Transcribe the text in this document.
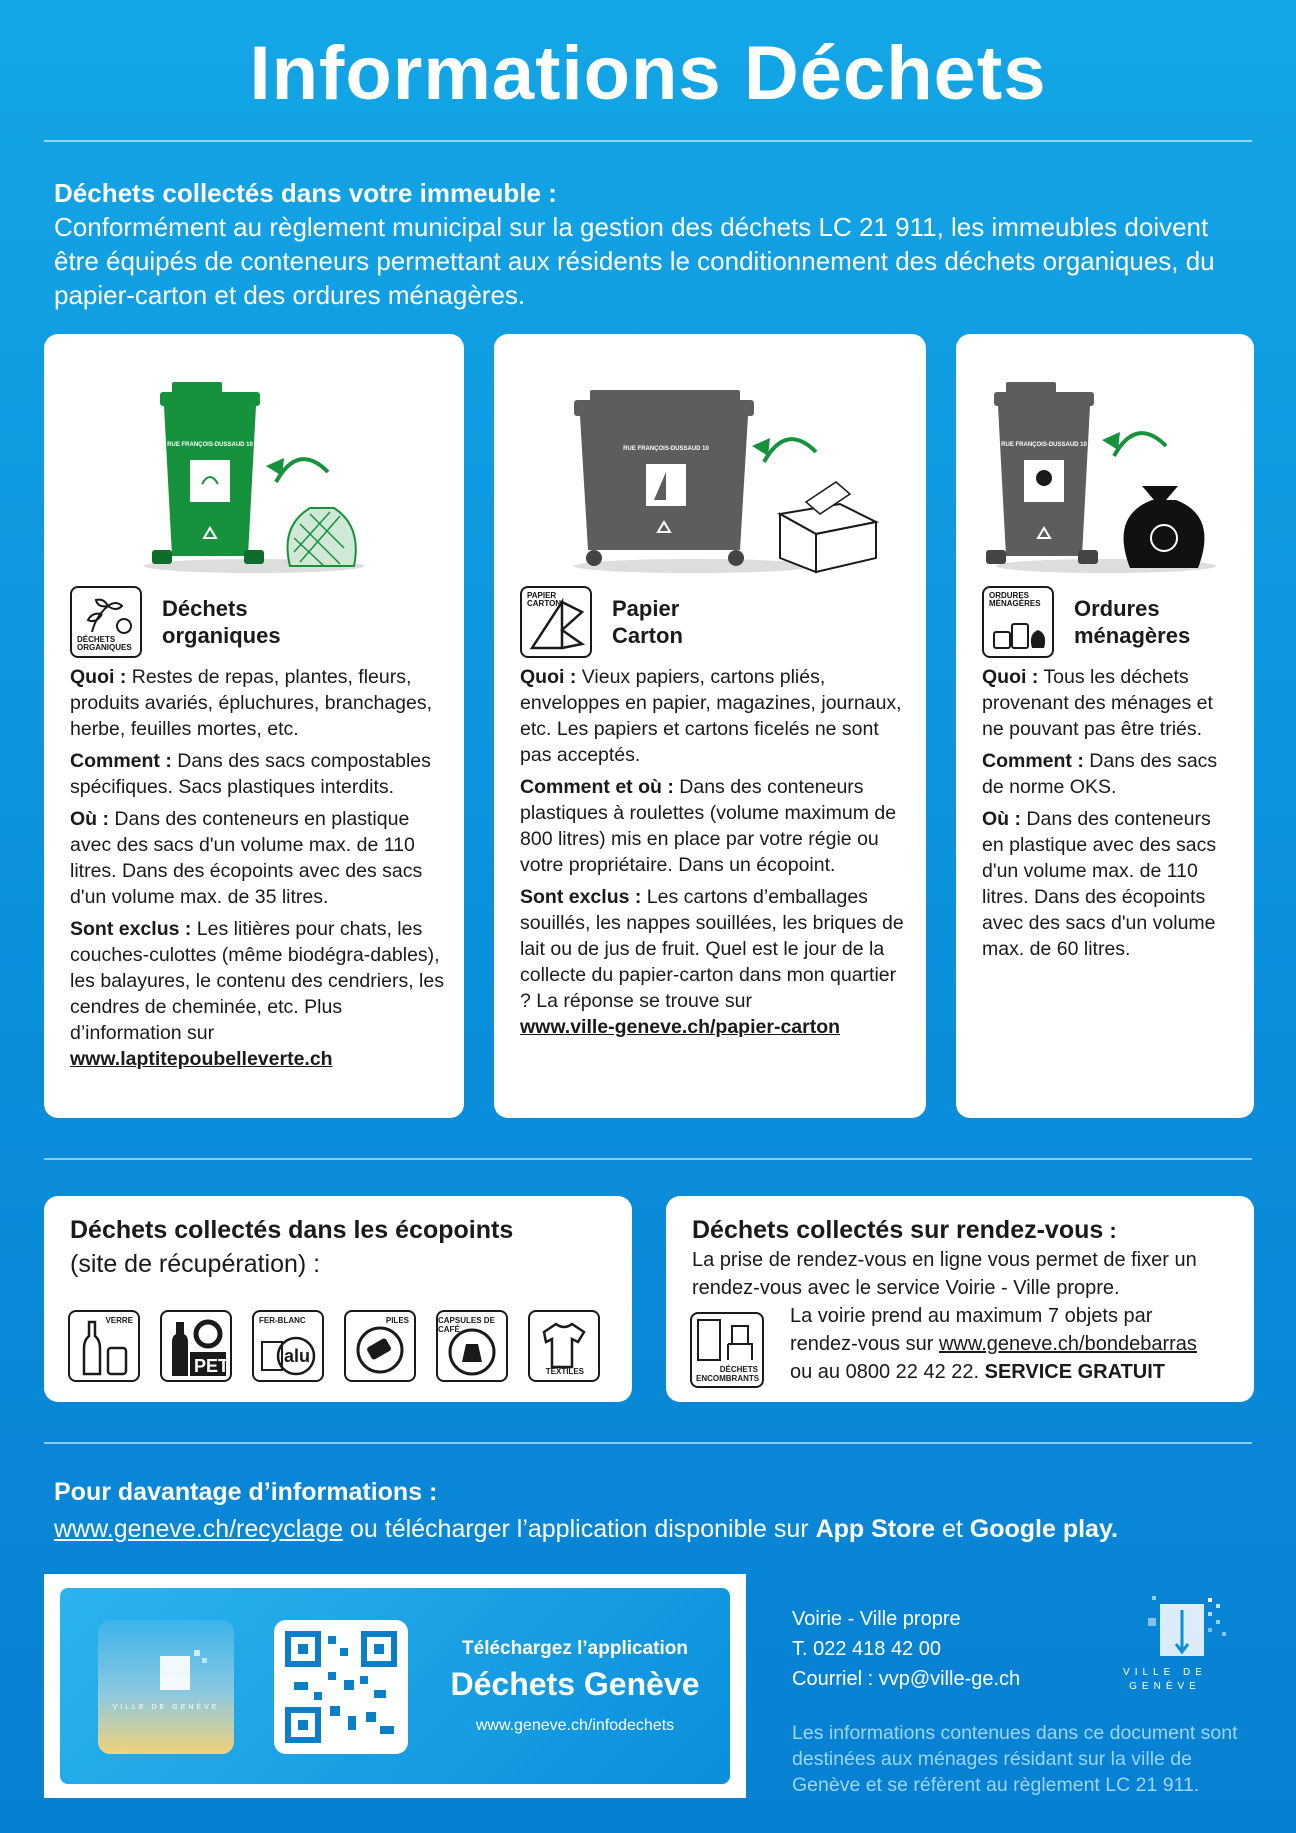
Informations Déchets
Déchets collectés dans votre immeuble :
Conformément au règlement municipal sur la gestion des déchets LC 21 911, les immeubles doivent être équipés de conteneurs permettant aux résidents le conditionnement des déchets organiques, du papier-carton et des ordures ménagères.
RUE FRANÇOIS-DUSSAUD 10
DÉCHETS ORGANIQUES
Déchets
organiques

Quoi : Restes de repas, plantes, fleurs, produits avariés, épluchures, branchages, herbe, feuilles mortes, etc.

Comment : Dans des sacs compostables spécifiques. Sacs plastiques interdits.

Où : Dans des conteneurs en plastique avec des sacs d'un volume max. de 110 litres. Dans des écopoints avec des sacs d'un volume max. de 35 litres.

Sont exclus : Les litières pour chats, les couches-culottes (même biodégra-dables), les balayures, le contenu des cendriers, les cendres de cheminée, etc. Plus d’information sur
www.laptitepoubelleverte.ch

RUE FRANÇOIS-DUSSAUD 10
PAPIER CARTON Papier
Carton

Quoi : Vieux papiers, cartons pliés, enveloppes en papier, magazines, journaux, etc. Les papiers et cartons ficelés ne sont pas acceptés.

Comment et où : Dans des conteneurs plastiques à roulettes (volume maximum de 800 litres) mis en place par votre régie ou votre propriétaire. Dans un écopoint.

Sont exclus : Les cartons d’emballages souillés, les nappes souillées, les briques de lait ou de jus de fruit. Quel est le jour de la collecte du papier-carton dans mon quartier ? La réponse se trouve sur
www.ville-geneve.ch/papier-carton

RUE FRANÇOIS-DUSSAUD 10
ORDURES MÉNAGÈRES Ordures
ménagères

Quoi : Tous les déchets provenant des ménages et ne pouvant pas être triés.

Comment : Dans des sacs de norme OKS.

Où : Dans des conteneurs en plastique avec des sacs d'un volume max. de 110 litres. Dans des écopoints avec des sacs d'un volume max. de 60 litres.

Déchets collectés dans les écopoints
(site de récupération) :
VERRE
PET
FER-BLANC
alu
PILES	CAPSULES DE CAFÉ
TEXTILES
Déchets collectés sur rendez-vous :
La prise de rendez-vous en ligne vous permet de fixer un rendez-vous avec le service Voirie - Ville propre.
DÉCHETS ENCOMBRANTS
La voirie prend au maximum 7 objets par
rendez-vous sur www.geneve.ch/bondebarras
ou au 0800 22 42 22. SERVICE GRATUIT
Pour davantage d’informations :
www.geneve.ch/recyclage ou télécharger l’application disponible sur App Store et Google play.
VILLE DE GENÈVE
Téléchargez l’application
Déchets Genève
www.geneve.ch/infodechets
Voirie - Ville propre
T. 022 418 42 00
Courriel : vvp@ville-ge.ch	VILLE DE
GENÈVE
Les informations contenues dans ce document sont destinées aux ménages résidant sur la ville de Genève et se réfèrent au règlement LC 21 911.
